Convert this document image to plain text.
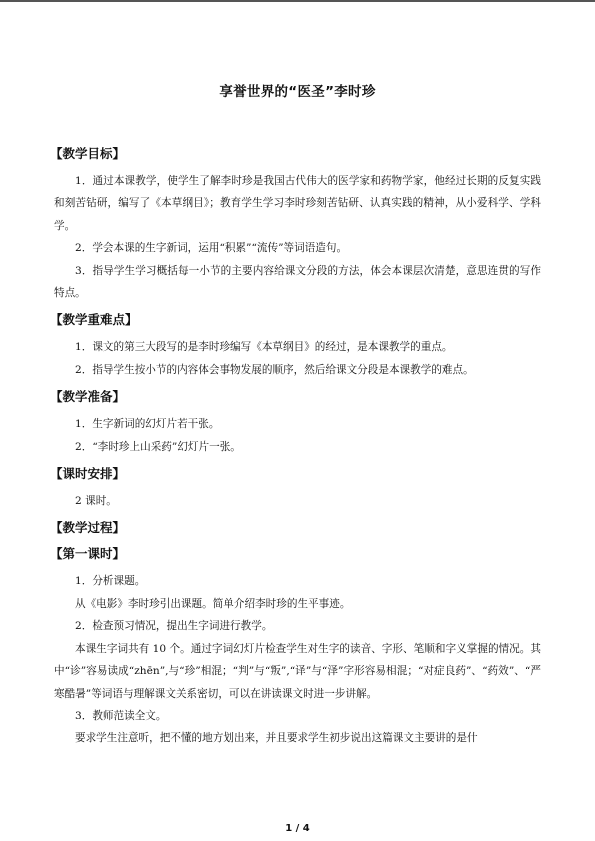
享誉世界的“医圣”李时珍
【教学目标】

1．通过本课教学，使学生了解李时珍是我国古代伟大的医学家和药物学家，他经过长期的反复实践和刻苦钻研，编写了《本草纲目》；教育学生学习李时珍刻苦钻研、认真实践的精神，从小爱科学、学科学。

2．学会本课的生字新词，运用“积累”“流传”等词语造句。

3．指导学生学习概括每一小节的主要内容给课文分段的方法，体会本课层次清楚，意思连贯的写作特点。

【教学重难点】

1．课文的第三大段写的是李时珍编写《本草纲目》的经过，是本课教学的重点。

2．指导学生按小节的内容体会事物发展的顺序，然后给课文分段是本课教学的难点。

【教学准备】

1．生字新词的幻灯片若干张。

2．“李时珍上山采药”幻灯片一张。

【课时安排】

2 课时。

【教学过程】
【第一课时】

1．分析课题。

从《电影》李时珍引出课题。简单介绍李时珍的生平事迹。

2．检查预习情况，提出生字词进行教学。

本课生字词共有 10 个。通过字词幻灯片检查学生对生字的读音、字形、笔顺和字义掌握的情况。其中“诊”容易读成“zhēn”,与“珍”相混；“判”与“叛”,“译”与“泽”字形容易相混；“对症良药”、“药效”、“严寒酷暑”等词语与理解课文关系密切，可以在讲读课文时进一步讲解。

3．教师范读全文。

要求学生注意听，把不懂的地方划出来，并且要求学生初步说出这篇课文主要讲的是什

1 / 4
